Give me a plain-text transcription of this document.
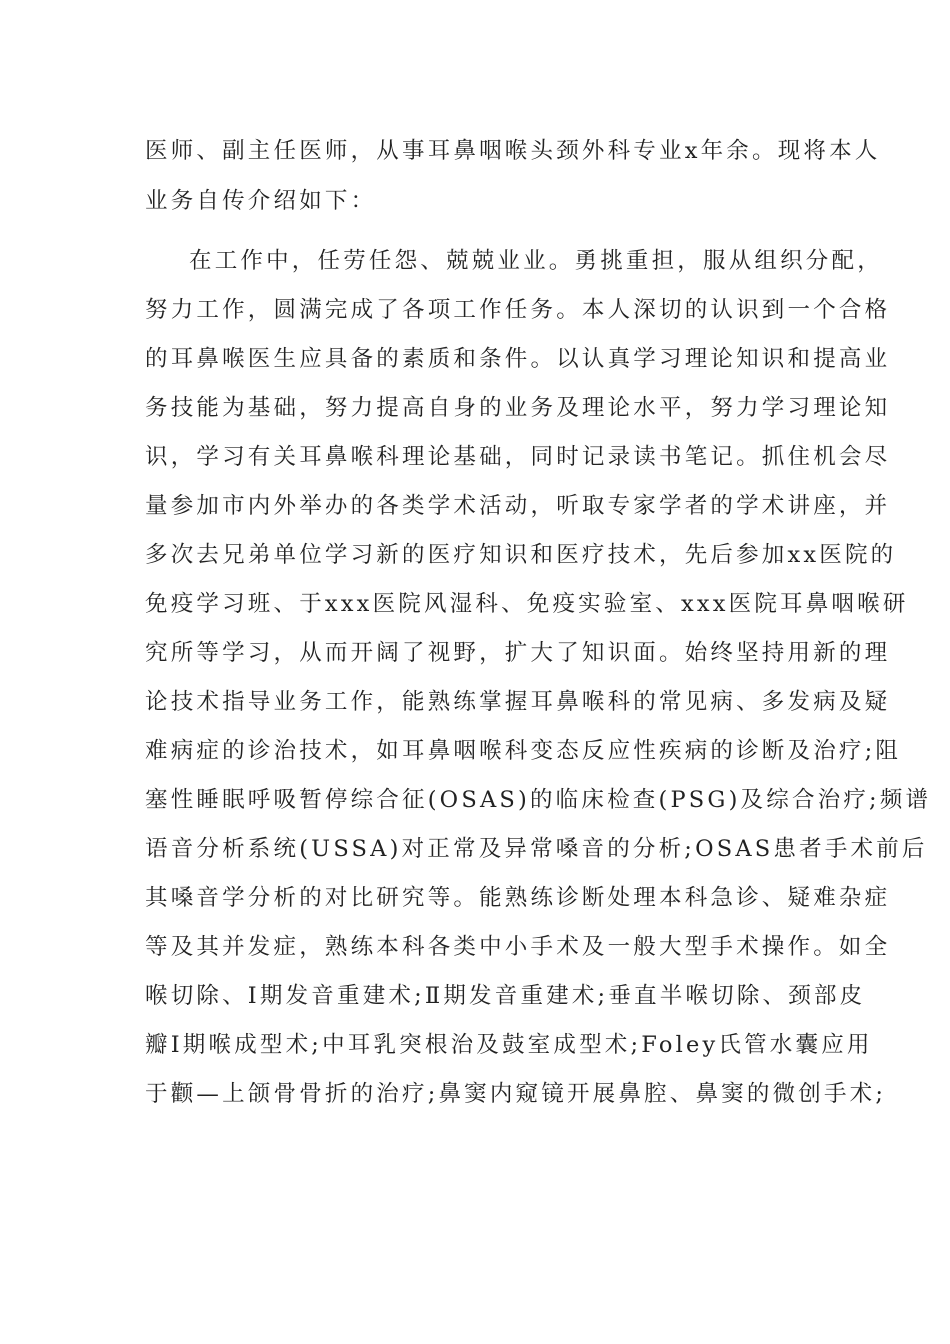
医师、副主任医师，从事耳鼻咽喉头颈外科专业x年余。现将本人
业务自传介绍如下：
在工作中，任劳任怨、兢兢业业。勇挑重担，服从组织分配，
努力工作，圆满完成了各项工作任务。本人深切的认识到一个合格
的耳鼻喉医生应具备的素质和条件。以认真学习理论知识和提高业
务技能为基础，努力提高自身的业务及理论水平，努力学习理论知
识，学习有关耳鼻喉科理论基础，同时记录读书笔记。抓住机会尽
量参加市内外举办的各类学术活动，听取专家学者的学术讲座，并
多次去兄弟单位学习新的医疗知识和医疗技术，先后参加xx医院的
免疫学习班、于xxx医院风湿科、免疫实验室、xxx医院耳鼻咽喉研
究所等学习，从而开阔了视野，扩大了知识面。始终坚持用新的理
论技术指导业务工作，能熟练掌握耳鼻喉科的常见病、多发病及疑
难病症的诊治技术，如耳鼻咽喉科变态反应性疾病的诊断及治疗;阻
塞性睡眠呼吸暂停综合征(OSAS)的临床检查(PSG)及综合治疗;频谱
语音分析系统(USSA)对正常及异常嗓音的分析;OSAS患者手术前后
其嗓音学分析的对比研究等。能熟练诊断处理本科急诊、疑难杂症
等及其并发症，熟练本科各类中小手术及一般大型手术操作。如全
喉切除、Ⅰ期发音重建术;Ⅱ期发音重建术;垂直半喉切除、颈部皮
瓣Ⅰ期喉成型术;中耳乳突根治及鼓室成型术;Foley氏管水囊应用
于颧—上颌骨骨折的治疗;鼻窦内窥镜开展鼻腔、鼻窦的微创手术;
